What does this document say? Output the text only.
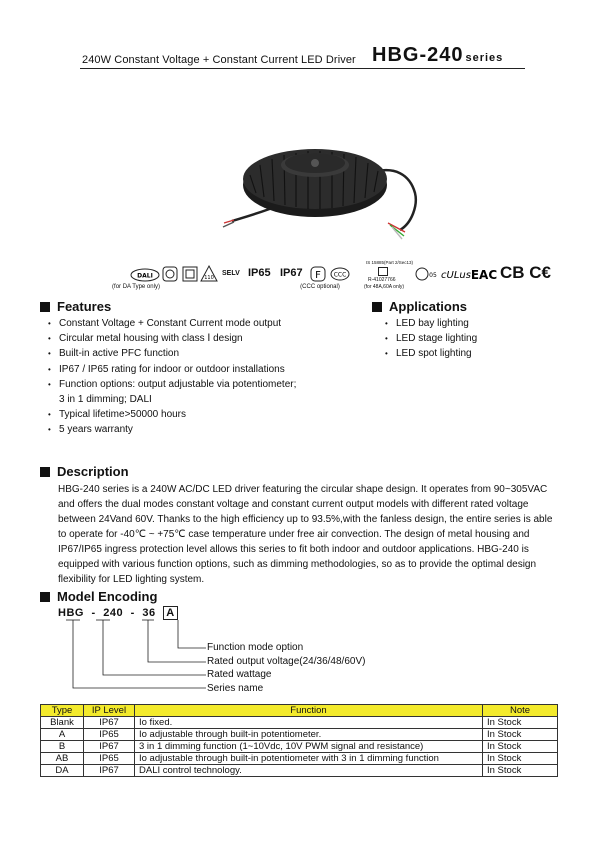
240W Constant Voltage + Constant Current LED Driver HBG-240 series
DALI
(for DA Type only)
110
SELV IP65 IP67 F CCC
(CCC optional)
IS 15885(Part 2/Sec13)
R-41027766
(for 48A,60A only)
05 cULus EAC CB C€
Features
• Constant Voltage + Constant Current mode output
• Circular metal housing with class Ⅰ design
• Built-in active PFC function
• IP67 / IP65 rating for indoor or outdoor installations
• Function options: output adjustable via potentiometer;
3 in 1 dimming; DALI
• Typical lifetime>50000 hours
• 5 years warranty
Applications
• LED bay lighting
• LED stage lighting
• LED spot lighting
Description
HBG-240 series is a 240W AC/DC LED driver featuring the circular shape design. It operates from 90~305VAC and offers the dual modes constant voltage and constant current output models with different rated voltage between 24Vand 60V. Thanks to the high efficiency up to 93.5%,with the fanless design, the entire series is able to operate for -40℃ ~ +75℃ case temperature under free air convection. The design of metal housing and IP67/IP65 ingress protection level allows this series to fit both indoor and outdoor applications. HBG-240 is equipped with various function options, such as dimming methodologies, so as to provide the optimal design flexibility for LED lighting system.
Model Encoding
HBG - 240 - 36 A
Function mode option
Rated output voltage(24/36/48/60V)
Rated wattage
Series name
Type	IP Level	Function	Note
Blank	IP67	Io fixed.	In Stock
A	IP65	Io adjustable through built-in potentiometer.	In Stock
B	IP67	3 in 1 dimming function (1~10Vdc, 10V PWM signal and resistance)	In Stock
AB	IP65	Io adjustable through built-in potentiometer with 3 in 1 dimming function	In Stock
DA	IP67	DALI control technology.	In Stock
